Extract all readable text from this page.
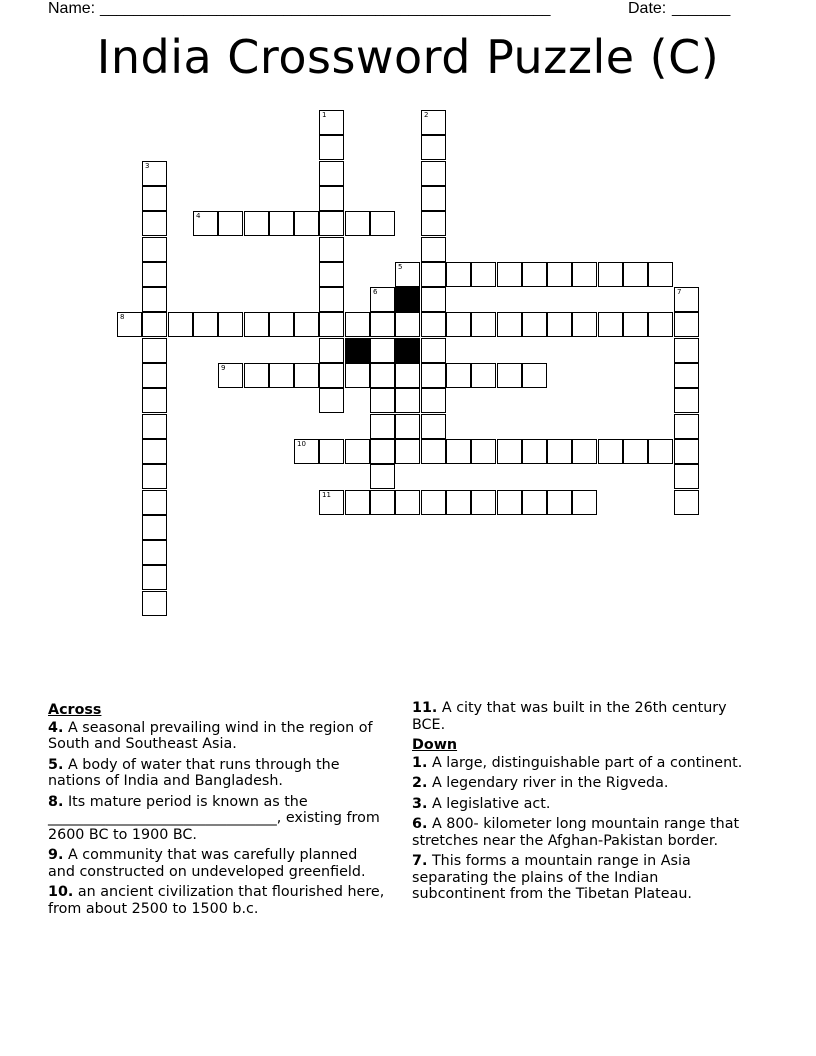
Name: ______________________________________________________	Date: _______
India Crossword Puzzle (C)
1	2
3
4
5
6	7
8
9
10
11
Across
4. A seasonal prevailing wind in the region of South and Southeast Asia.
5. A body of water that runs through the nations of India and Bangladesh.
8. Its mature period is known as the ________________________________, existing from 2600 BC to 1900 BC.
9. A community that was carefully planned and constructed on undeveloped greenfield.
10. an ancient civilization that flourished here, from about 2500 to 1500 b.c.
11. A city that was built in the 26th century BCE.
Down
1. A large, distinguishable part of a continent.
2. A legendary river in the Rigveda.
3. A legislative act.
6. A 800- kilometer long mountain range that stretches near the Afghan-Pakistan border.
7. This forms a mountain range in Asia separating the plains of the Indian subcontinent from the Tibetan Plateau.
